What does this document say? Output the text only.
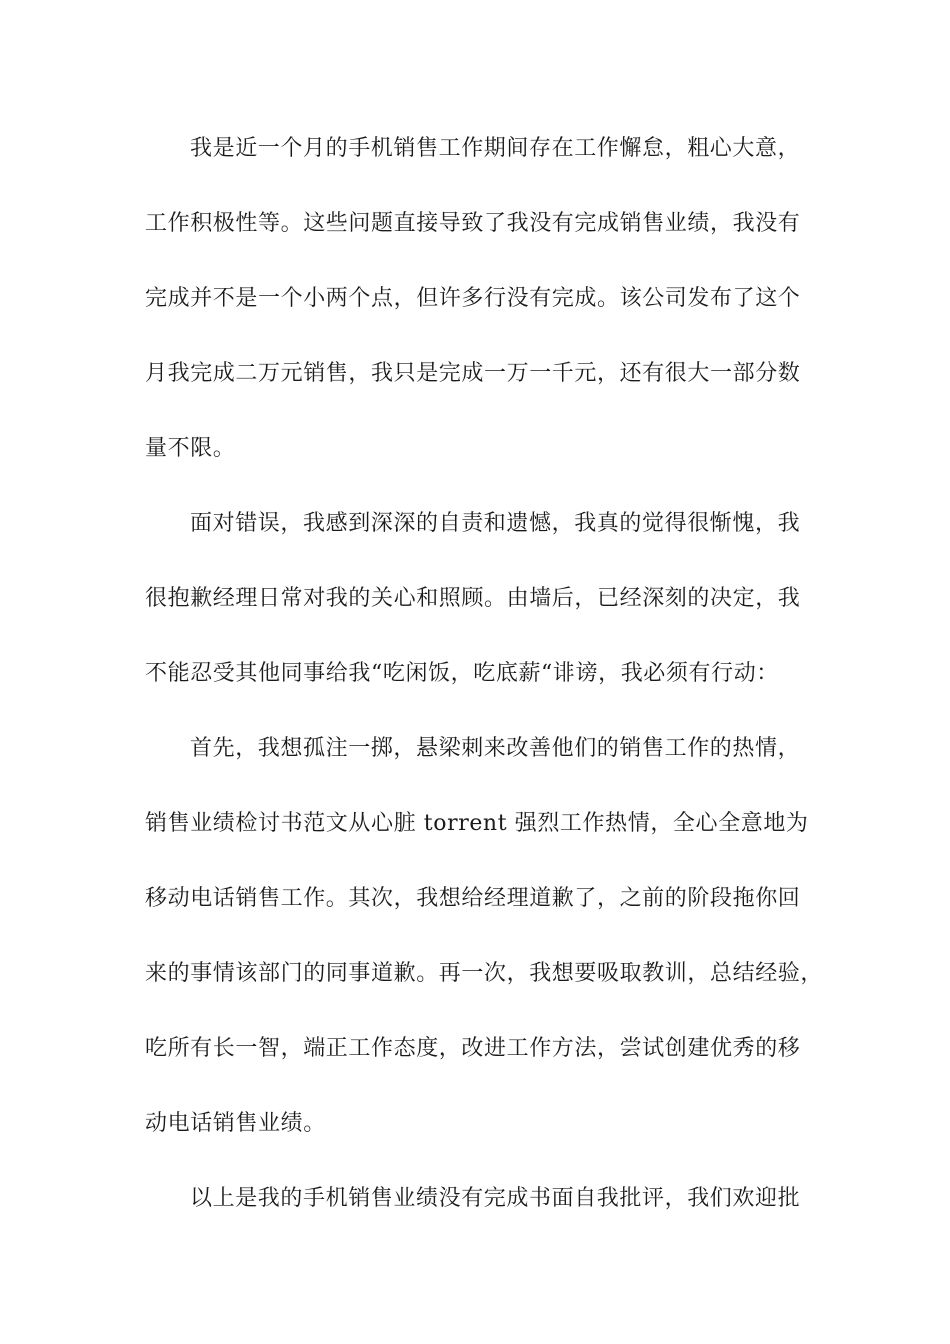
我是近一个月的手机销售工作期间存在工作懈怠，粗心大意，
工作积极性等。这些问题直接导致了我没有完成销售业绩，我没有
完成并不是一个小两个点，但许多行没有完成。该公司发布了这个
月我完成二万元销售，我只是完成一万一千元，还有很大一部分数
量不限。
面对错误，我感到深深的自责和遗憾，我真的觉得很惭愧，我
很抱歉经理日常对我的关心和照顾。由墙后，已经深刻的决定，我
不能忍受其他同事给我“吃闲饭，吃底薪“诽谤，我必须有行动：
首先，我想孤注一掷，悬梁刺来改善他们的销售工作的热情，
销售业绩检讨书范文从心脏 torrent 强烈工作热情，全心全意地为
移动电话销售工作。其次，我想给经理道歉了，之前的阶段拖你回
来的事情该部门的同事道歉。再一次，我想要吸取教训，总结经验，
吃所有长一智，端正工作态度，改进工作方法，尝试创建优秀的移
动电话销售业绩。
以上是我的手机销售业绩没有完成书面自我批评，我们欢迎批
